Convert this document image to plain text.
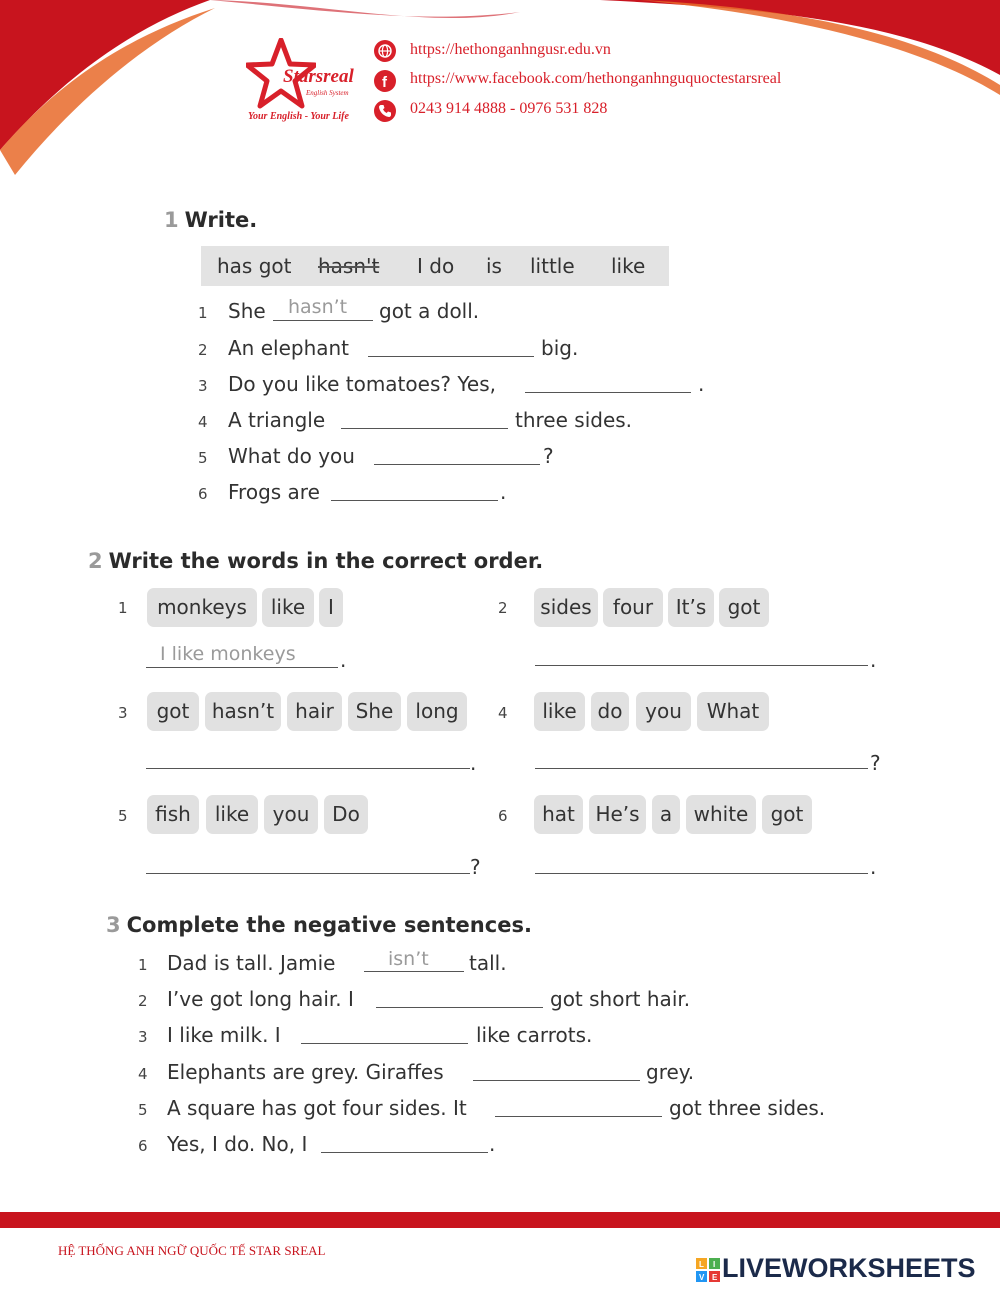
Starsreal
English System
Your English - Your Life
https://hethonganhngusr.edu.vn
f https://www.facebook.com/hethonganhnguquoctestarsreal
0243 914 4888 - 0976 531 828
1 Write.
has got hasn't I do is little like
1 She hasn’t got a doll.
2 An elephant	big.
3 Do you like tomatoes? Yes,	.
4 A triangle	three sides.
5 What do you	?
6 Frogs are	.
2 Write the words in the correct order.
1	monkeys	like	I
I like monkeys .
2	sides	four	It’s	got
.
3	got	hasn’t	hair	She	long
.
4	like	do	you	What
?
5	fish	like	you	Do
?
6	hat	He’s	a	white	got
.
3 Complete the negative sentences.
1 Dad is tall. Jamie	isn’t tall.
2 I’ve got long hair. I	got short hair.
3 I like milk. I	like carrots.
4 Elephants are grey. Giraffes	grey.
5 A square has got four sides. It	got three sides.
6 Yes, I do. No, I	.
HỆ THỐNG ANH NGỮ QUỐC TẾ STAR SREAL
L I
V E LIVEWORKSHEETS
